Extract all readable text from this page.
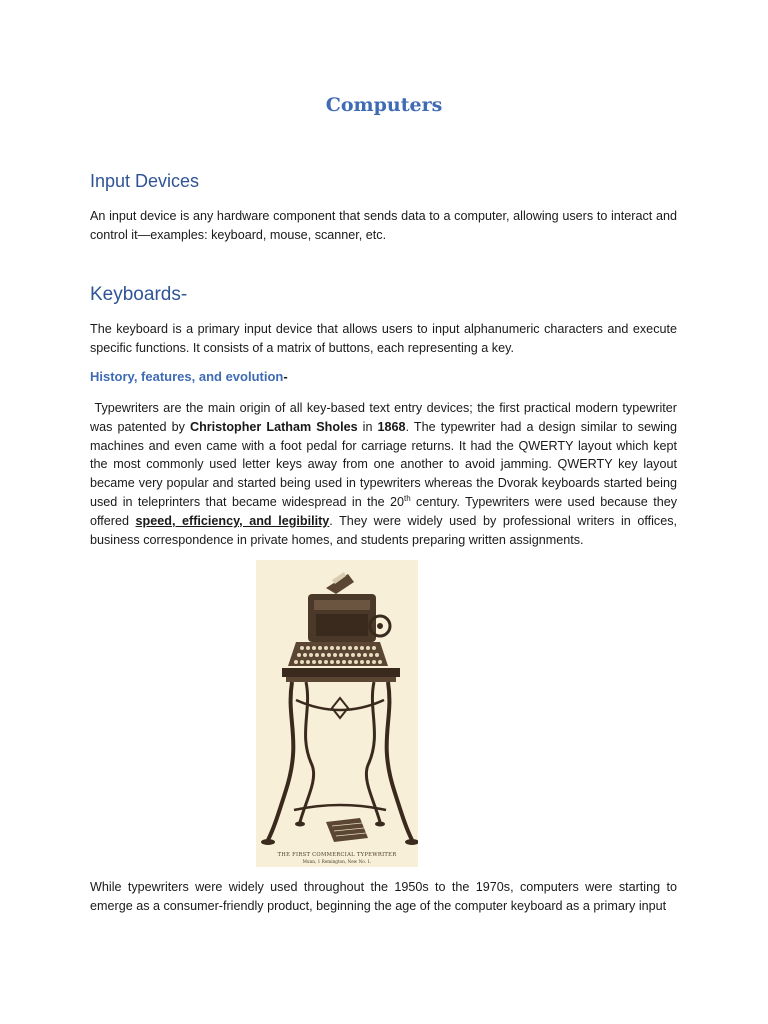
Computers
Input Devices

An input device is any hardware component that sends data to a computer, allowing users to interact and control it—examples: keyboard, mouse, scanner, etc.

Keyboards-

The keyboard is a primary input device that allows users to input alphanumeric characters and execute specific functions. It consists of a matrix of buttons, each representing a key.

History, features, and evolution-

Typewriters are the main origin of all key-based text entry devices; the first practical modern typewriter was patented by Christopher Latham Sholes in 1868. The typewriter had a design similar to sewing machines and even came with a foot pedal for carriage returns. It had the QWERTY layout which kept the most commonly used letter keys away from one another to avoid jamming. QWERTY key layout became very popular and started being used in typewriters whereas the Dvorak keyboards started being used in teleprinters that became widespread in the 20th century. Typewriters were used because they offered speed, efficiency, and legibility. They were widely used by professional writers in offices, business correspondence in private homes, and students preparing written assignments.

THE FIRST COMMERCIAL TYPEWRITER
Munn, 1 Remington, New No. 1.

While typewriters were widely used throughout the 1950s to the 1970s, computers were starting to emerge as a consumer-friendly product, beginning the age of the computer keyboard as a primary input
